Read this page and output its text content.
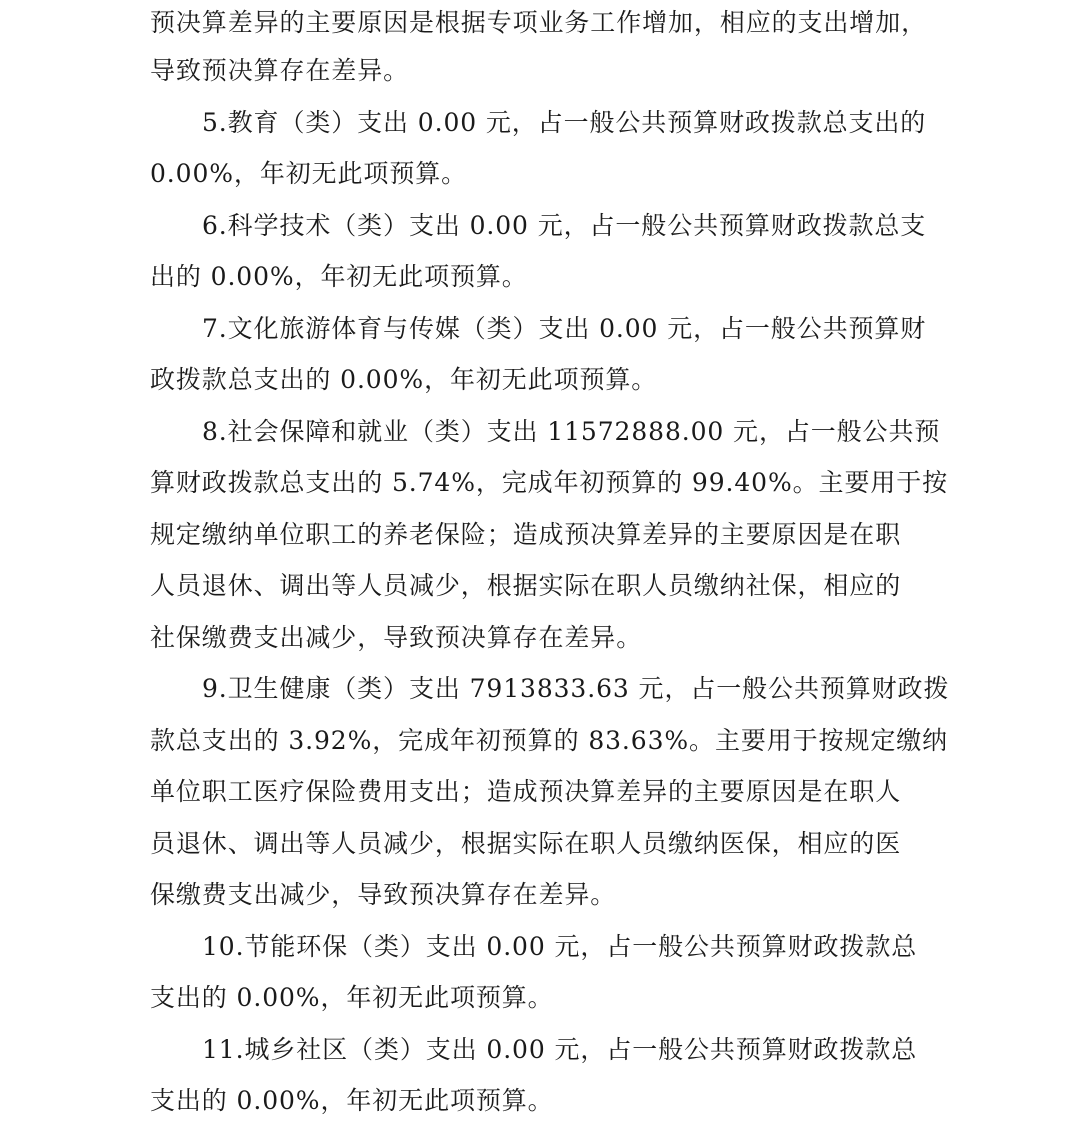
预决算差异的主要原因是根据专项业务工作增加，相应的支出增加，
导致预决算存在差异。
5.教育（类）支出 0.00 元，占一般公共预算财政拨款总支出的
0.00%，年初无此项预算。
6.科学技术（类）支出 0.00 元，占一般公共预算财政拨款总支
出的 0.00%，年初无此项预算。
7.文化旅游体育与传媒（类）支出 0.00 元，占一般公共预算财
政拨款总支出的 0.00%，年初无此项预算。
8.社会保障和就业（类）支出 11572888.00 元，占一般公共预
算财政拨款总支出的 5.74%，完成年初预算的 99.40%。主要用于按
规定缴纳单位职工的养老保险；造成预决算差异的主要原因是在职
人员退休、调出等人员减少，根据实际在职人员缴纳社保，相应的
社保缴费支出减少，导致预决算存在差异。
9.卫生健康（类）支出 7913833.63 元，占一般公共预算财政拨
款总支出的 3.92%，完成年初预算的 83.63%。主要用于按规定缴纳
单位职工医疗保险费用支出；造成预决算差异的主要原因是在职人
员退休、调出等人员减少，根据实际在职人员缴纳医保，相应的医
保缴费支出减少，导致预决算存在差异。
10.节能环保（类）支出 0.00 元，占一般公共预算财政拨款总
支出的 0.00%，年初无此项预算。
11.城乡社区（类）支出 0.00 元，占一般公共预算财政拨款总
支出的 0.00%，年初无此项预算。
